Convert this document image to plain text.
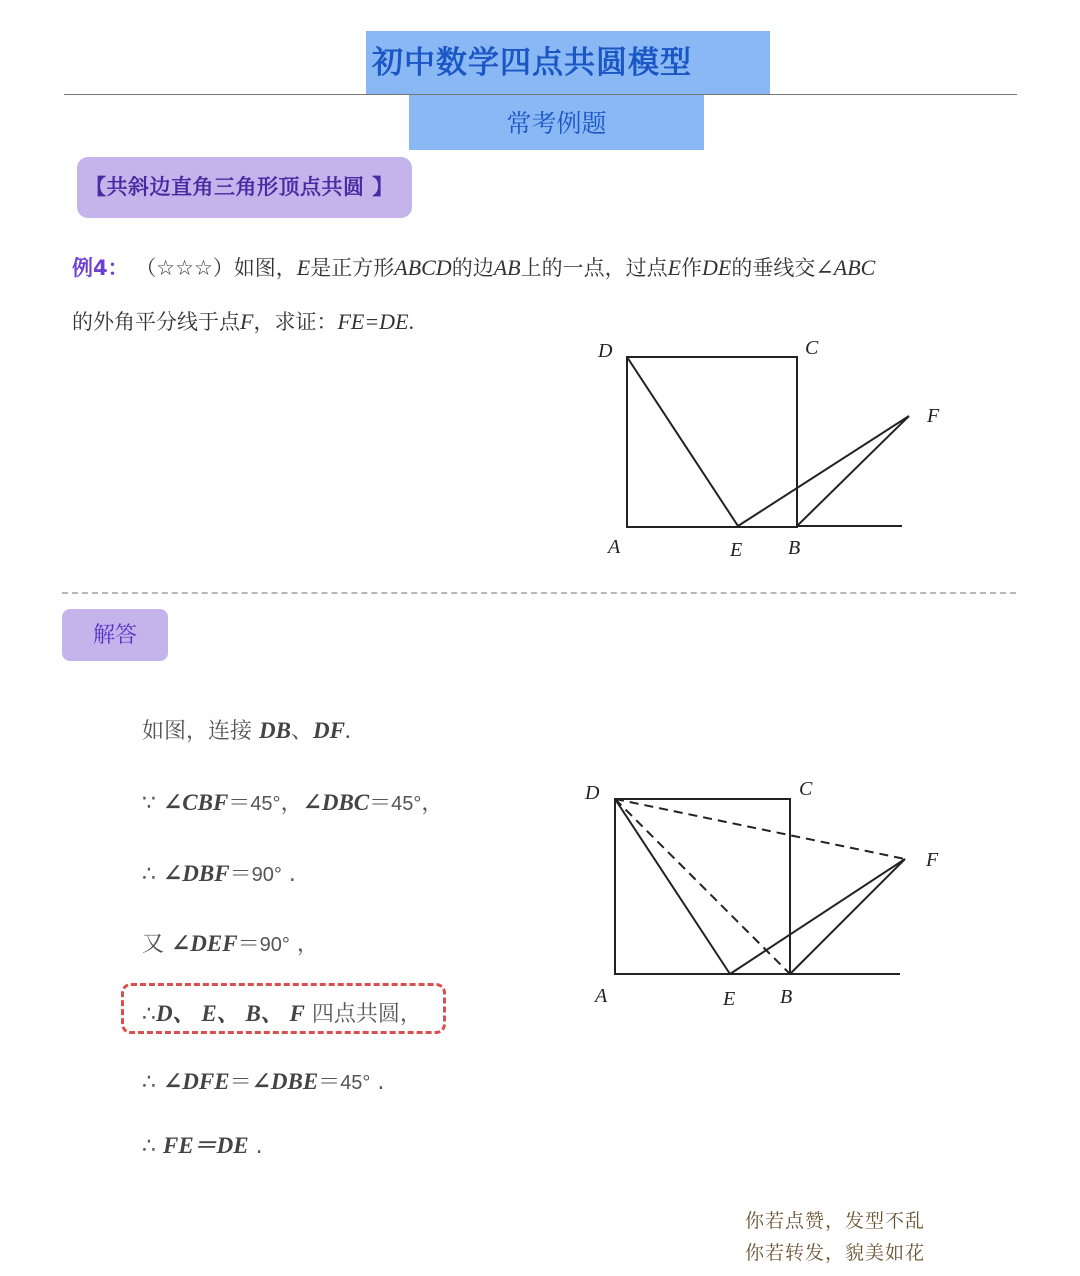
初中数学四点共圆模型
常考例题
【共斜边直角三角形顶点共圆 】
例4： （☆☆☆）如图，E是正方形ABCD的边AB上的一点，过点E作DE的垂线交∠ABC
的外角平分线于点F，求证：FE=DE.
D	C
F
A	E B
解答
如图，连接 DB、DF.
∵ ∠CBF＝45°，∠DBC＝45°，
∴ ∠DBF＝90° .
又 ∠DEF＝90° ，
∴D、 E、 B、 F 四点共圆，
∴ ∠DFE＝∠DBE＝45° .
∴ FE＝DE .
D	C
F
A	E B
你若点赞，发型不乱
你若转发，貌美如花
